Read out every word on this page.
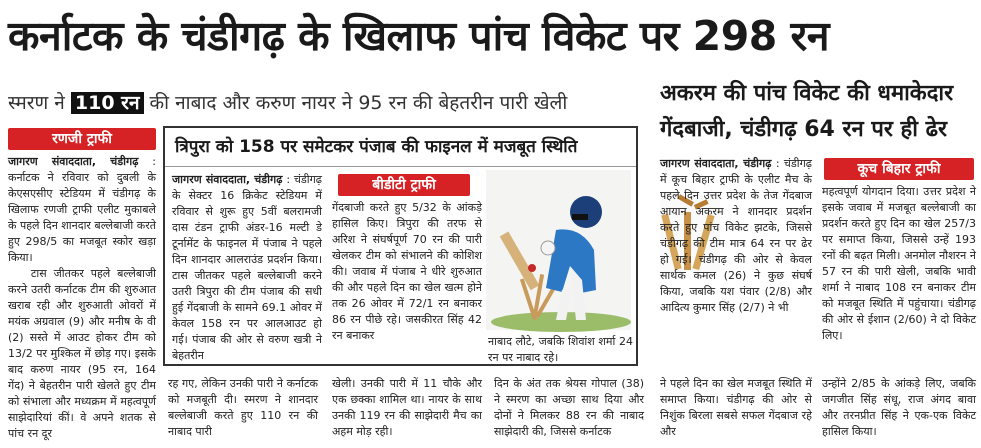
कर्नाटक के चंडीगढ़ के खिलाफ पांच विकेट पर 298 रन
स्मरण ने 110 रन की नाबाद और करुण नायर ने 95 रन की बेहतरीन पारी खेली	अकरम की पांच विकेट की धमाकेदार
गेंदबाजी, चंडीगढ़ 64 रन पर ही ढेर
रणजी ट्राफी
जागरण संवाददाता, चंडीगढ़ : कर्नाटक ने रविवार को दुबली के केएसएसीए स्टेडियम में चंडीगढ़ के खिलाफ रणजी ट्राफी एलीट मुकाबले के पहले दिन शानदार बल्लेबाजी करते हुए 298/5 का मजबूत स्कोर खड़ा किया।
टास जीतकर पहले बल्लेबाजी करने उतरी कर्नाटक टीम की शुरुआत खराब रही और शुरुआती ओवरों में मयंक अग्रवाल (9) और मनीष के वी (2) सस्ते में आउट होकर टीम को 13/2 पर मुश्किल में छोड़ गए। इसके बाद करुण नायर (95 रन, 164 गेंद) ने बेहतरीन पारी खेलते हुए टीम को संभाला और मध्यक्रम में महत्वपूर्ण साझेदारियां कीं। वे अपने शतक से पांच रन दूर
त्रिपुरा को 158 पर समेटकर पंजाब की फाइनल में मजबूत स्थिति
जागरण संवाददाता, चंडीगढ़ : चंडीगढ़ के सेक्टर 16 क्रिकेट स्टेडियम में रविवार से शुरू हुए 5वीं बलरामजी दास टंडन ट्राफी अंडर-16 मल्टी डे टूर्नामेंट के फाइनल में पंजाब ने पहले दिन शानदार आलराउंड प्रदर्शन किया। टास जीतकर पहले बल्लेबाजी करने उतरी त्रिपुरा की टीम पंजाब की सधी हुई गेंदबाजी के सामने 69.1 ओवर में केवल 158 रन पर आलआउट हो गई। पंजाब की ओर से वरुण खत्री ने बेहतरीन
बीडीटी ट्राफी
गेंदबाजी करते हुए 5/32 के आंकड़े हासिल किए। त्रिपुरा की तरफ से अरिश ने संघर्षपूर्ण 70 रन की पारी खेलकर टीम को संभालने की कोशिश की। जवाब में पंजाब ने धीरे शुरुआत की और पहले दिन का खेल खत्म होने तक 26 ओवर में 72/1 रन बनाकर 86 रन पीछे रहे। जसकीरत सिंह 42 रन बनाकर	नाबाद लौटे, जबकि शिवांश शर्मा 24 रन पर नाबाद रहे।
जागरण संवाददाता, चंडीगढ़ : चंडीगढ़ में कूच बिहार ट्राफी के एलीट मैच के पहले दिन उत्तर प्रदेश के तेज गेंदबाज आयान अकरम ने शानदार प्रदर्शन करते हुए पांच विकेट झटके, जिससे चंडीगढ़ की टीम मात्र 64 रन पर ढेर हो गई। चंडीगढ़ की ओर से केवल सार्थक कमल (26) ने कुछ संघर्ष किया, जबकि यश पंवार (2/8) और आदित्य कुमार सिंह (2/7) ने भी
कूच बिहार ट्राफी
महत्वपूर्ण योगदान दिया। उत्तर प्रदेश ने इसके जवाब में मजबूत बल्लेबाजी का प्रदर्शन करते हुए दिन का खेल 257/3 पर समाप्त किया, जिससे उन्हें 193 रनों की बढ़त मिली। अनमोल नौशरन ने 57 रन की पारी खेली, जबकि भावी शर्मा ने नाबाद 108 रन बनाकर टीम को मजबूत स्थिति में पहुंचाया। चंडीगढ़ की ओर से ईशान (2/60) ने दो विकेट लिए।
रह गए, लेकिन उनकी पारी ने कर्नाटक को मजबूती दी। स्मरण ने शानदार बल्लेबाजी करते हुए 110 रन की नाबाद पारी
खेली। उनकी पारी में 11 चौके और एक छक्का शामिल था। नायर के साथ उनकी 119 रन की साझेदारी मैच का अहम मोड़ रही।
दिन के अंत तक श्रेयस गोपाल (38) ने स्मरण का अच्छा साथ दिया और दोनों ने मिलकर 88 रन की नाबाद साझेदारी की, जिससे कर्नाटक
ने पहले दिन का खेल मजबूत स्थिति में समाप्त किया। चंडीगढ़ की ओर से निशुंक बिरला सबसे सफल गेंदबाज रहे और
उन्होंने 2/85 के आंकड़े लिए, जबकि जगजीत सिंह संधू, राज अंगद बावा और तरनप्रीत सिंह ने एक-एक विकेट हासिल किया।
